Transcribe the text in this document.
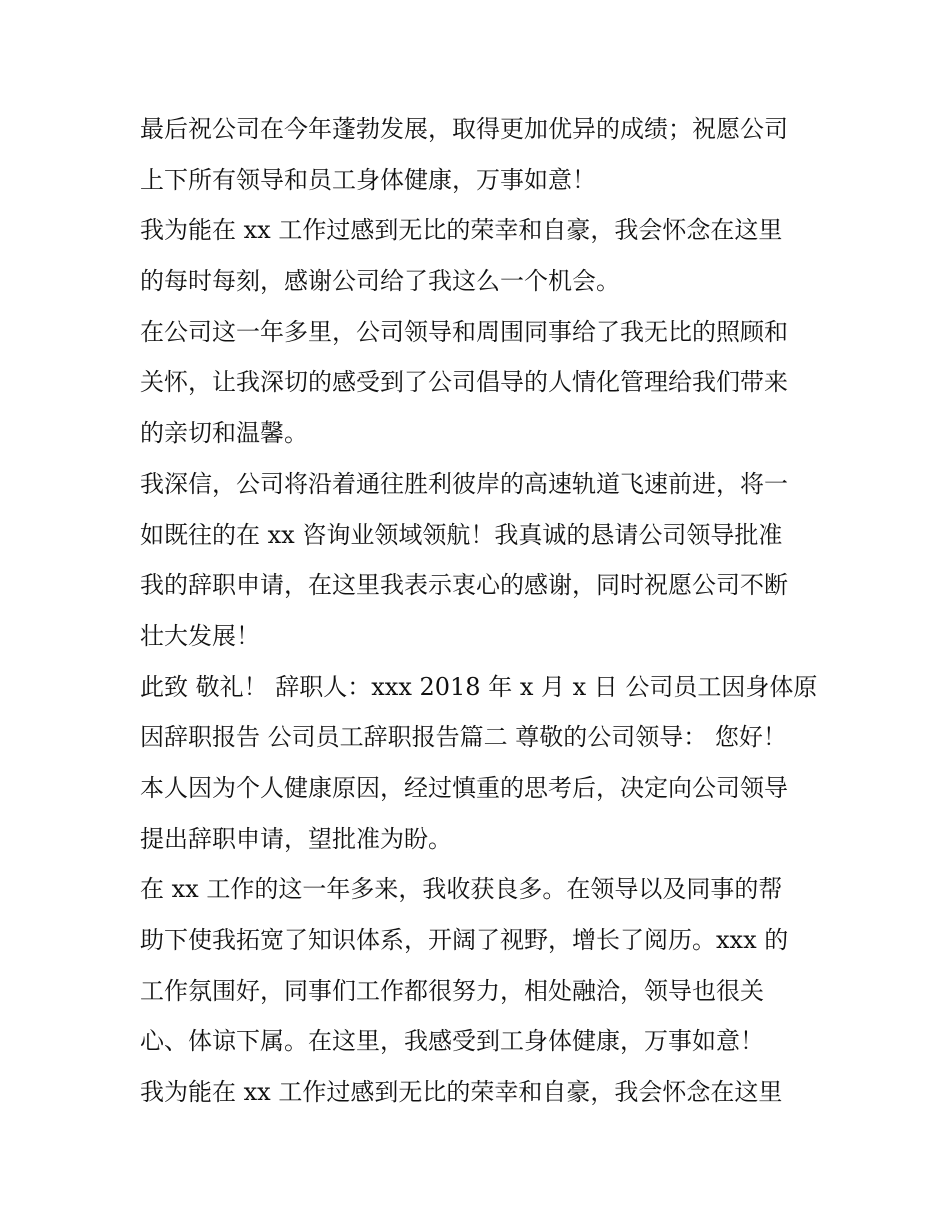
最后祝公司在今年蓬勃发展，取得更加优异的成绩；祝愿公司
上下所有领导和员工身体健康，万事如意！
我为能在 xx 工作过感到无比的荣幸和自豪，我会怀念在这里
的每时每刻，感谢公司给了我这么一个机会。
在公司这一年多里，公司领导和周围同事给了我无比的照顾和
关怀，让我深切的感受到了公司倡导的人情化管理给我们带来
的亲切和温馨。
我深信，公司将沿着通往胜利彼岸的高速轨道飞速前进，将一
如既往的在 xx 咨询业领域领航！我真诚的恳请公司领导批准
我的辞职申请，在这里我表示衷心的感谢，同时祝愿公司不断
壮大发展！
此致 敬礼！ 辞职人：xxx 2018 年 x 月 x 日 公司员工因身体原
因辞职报告 公司员工辞职报告篇二 尊敬的公司领导： 您好！
本人因为个人健康原因，经过慎重的思考后，决定向公司领导
提出辞职申请，望批准为盼。
在 xx 工作的这一年多来，我收获良多。在领导以及同事的帮
助下使我拓宽了知识体系，开阔了视野，增长了阅历。xxx 的
工作氛围好，同事们工作都很努力，相处融洽，领导也很关
心、体谅下属。在这里，我感受到工身体健康，万事如意！
我为能在 xx 工作过感到无比的荣幸和自豪，我会怀念在这里
